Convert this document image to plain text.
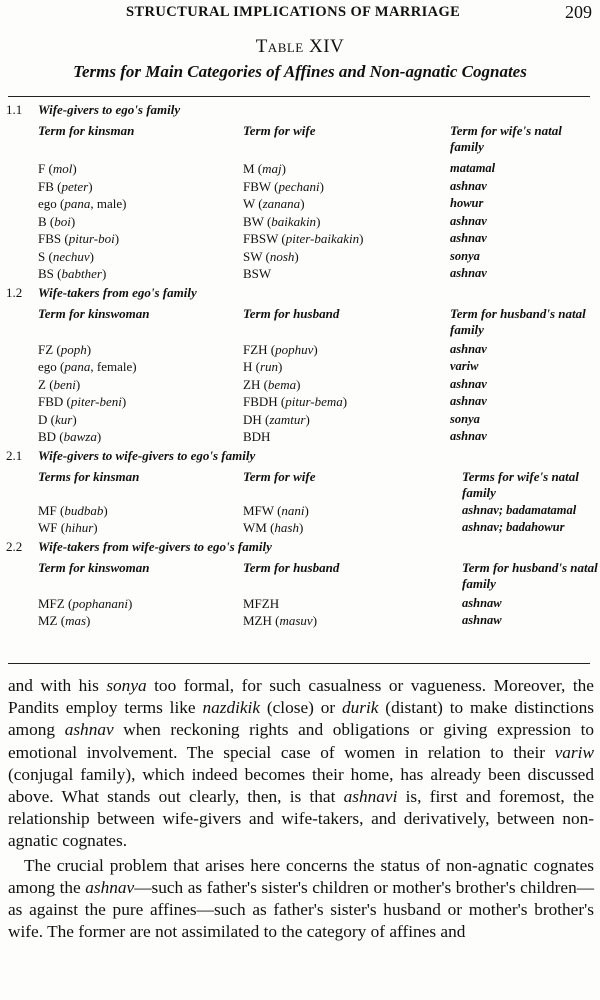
STRUCTURAL IMPLICATIONS OF MARRIAGE	209
Table XIV
Terms for Main Categories of Affines and Non-agnatic Cognates
1.1 Wife-givers to ego's family
Term for kinsman	Term for wife	Term for wife's natal family
F (mol)	M (maj)	matamal
FB (peter)	FBW (pechani)	ashnav
ego (pana, male)	W (zanana)	howur
B (boi)	BW (baikakin)	ashnav
FBS (pitur-boi)	FBSW (piter-baikakin)	ashnav
S (nechuv)	SW (nosh)	sonya
BS (babther)	BSW	ashnav
1.2 Wife-takers from ego's family
Term for kinswoman	Term for husband	Term for husband's natal family
FZ (poph)	FZH (pophuv)	ashnav
ego (pana, female)	H (run)	variw
Z (beni)	ZH (bema)	ashnav
FBD (piter-beni)	FBDH (pitur-bema)	ashnav
D (kur)	DH (zamtur)	sonya
BD (bawza)	BDH	ashnav
2.1 Wife-givers to wife-givers to ego's family
Terms for kinsman	Term for wife	Terms for wife's natal family
MF (budbab)	MFW (nani)	ashnav; badamatamal
WF (hihur)	WM (hash)	ashnav; badahowur
2.2 Wife-takers from wife-givers to ego's family
Term for kinswoman	Term for husband	Term for husband's natal family
MFZ (pophanani)	MFZH	ashnaw
MZ (mas)	MZH (masuv)	ashnaw

and with his sonya too formal, for such casualness or vagueness. Moreover, the Pandits employ terms like nazdikik (close) or durik (distant) to make distinctions among ashnav when reckoning rights and obligations or giving expression to emotional involvement. The special case of women in relation to their variw (conjugal family), which indeed becomes their home, has already been discussed above. What stands out clearly, then, is that ashnavi is, first and foremost, the relationship between wife-givers and wife-takers, and derivatively, between non-agnatic cognates.

The crucial problem that arises here concerns the status of non-agnatic cognates among the ashnav—such as father's sister's children or mother's brother's children—as against the pure affines—such as father's sister's husband or mother's brother's wife. The former are not assimilated to the category of affines and
